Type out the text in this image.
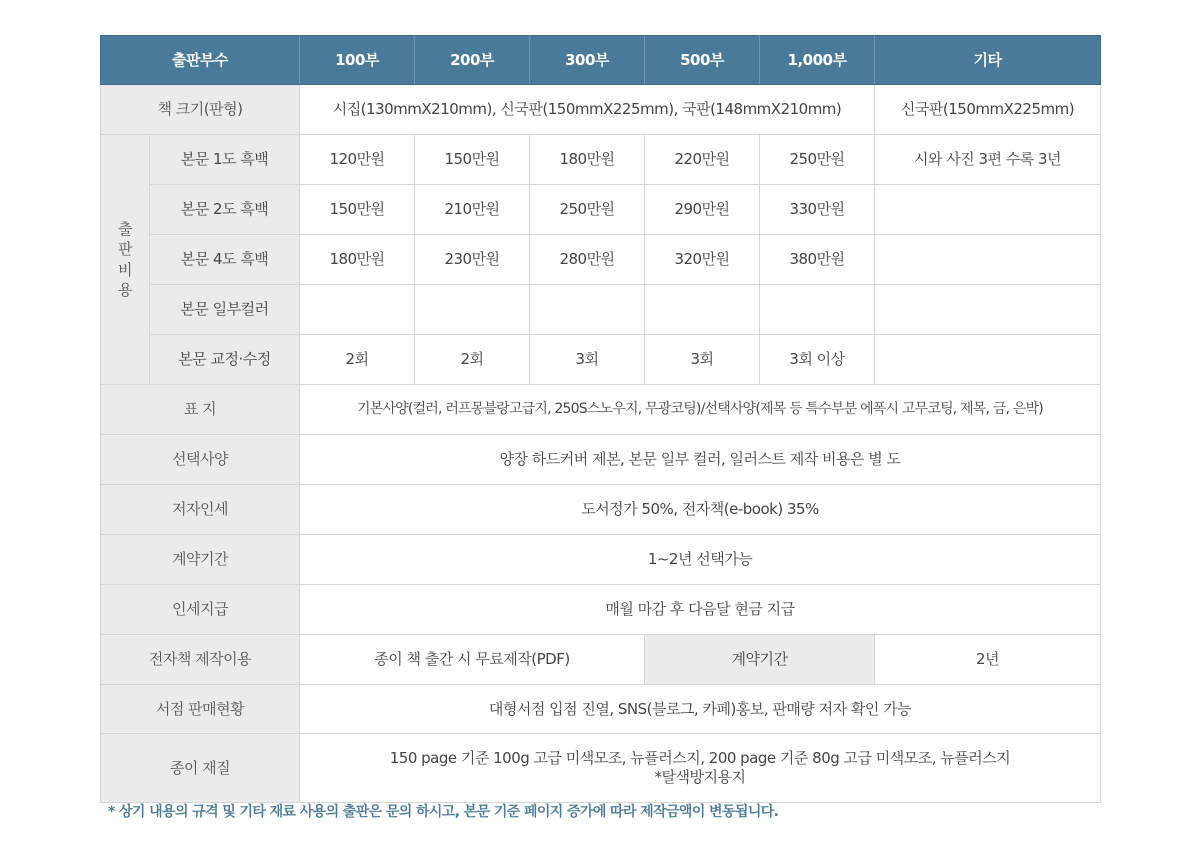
출판부수		100부	200부	300부	500부	1,000부	기타
책 크기(판형)		시집(130mmX210mm), 신국판(150mmX225mm), 국판(148mmX210mm)					신국판(150mmX225mm)

출
판
비
용	본문 1도 흑백	120만원	150만원	180만원	220만원	250만원	시와 사진 3편 수록 3년
	본문 2도 흑백	150만원	210만원	250만원	290만원	330만원	
	본문 4도 흑백	180만원	230만원	280만원	320만원	380만원	
	본문 일부컬러						
	본문 교정·수정	2회	2회	3회	3회	3회 이상	
표 지		기본사양(컬러, 러프몽블랑고급지, 250S스노우지, 무광코팅)/선택사양(제목 등 특수부분 에폭시 고무코팅, 제목, 금, 은박)					
선택사양		양장 하드커버 제본, 본문 일부 컬러, 일러스트 제작 비용은 별 도					
저자인세		도서정가 50%, 전자책(e-book) 35%					
계약기간		1~2년 선택가능					
인세지급		매월 마감 후 다음달 현금 지급					
전자책 제작이용		종이 책 출간 시 무료제작(PDF)			계약기간		2년
서점 판매현황		대형서점 입점 진열, SNS(블로그, 카페)홍보, 판매량 저자 확인 가능					
종이 재질		150 page 기준 100g 고급 미색모조, 뉴플러스지, 200 page 기준 80g 고급 미색모조, 뉴플러스지
*탈색방지용지					
* 상기 내용의 규격 및 기타 재료 사용의 출판은 문의 하시고, 본문 기준 페이지 증가에 따라 제작금액이 변동됩니다.
